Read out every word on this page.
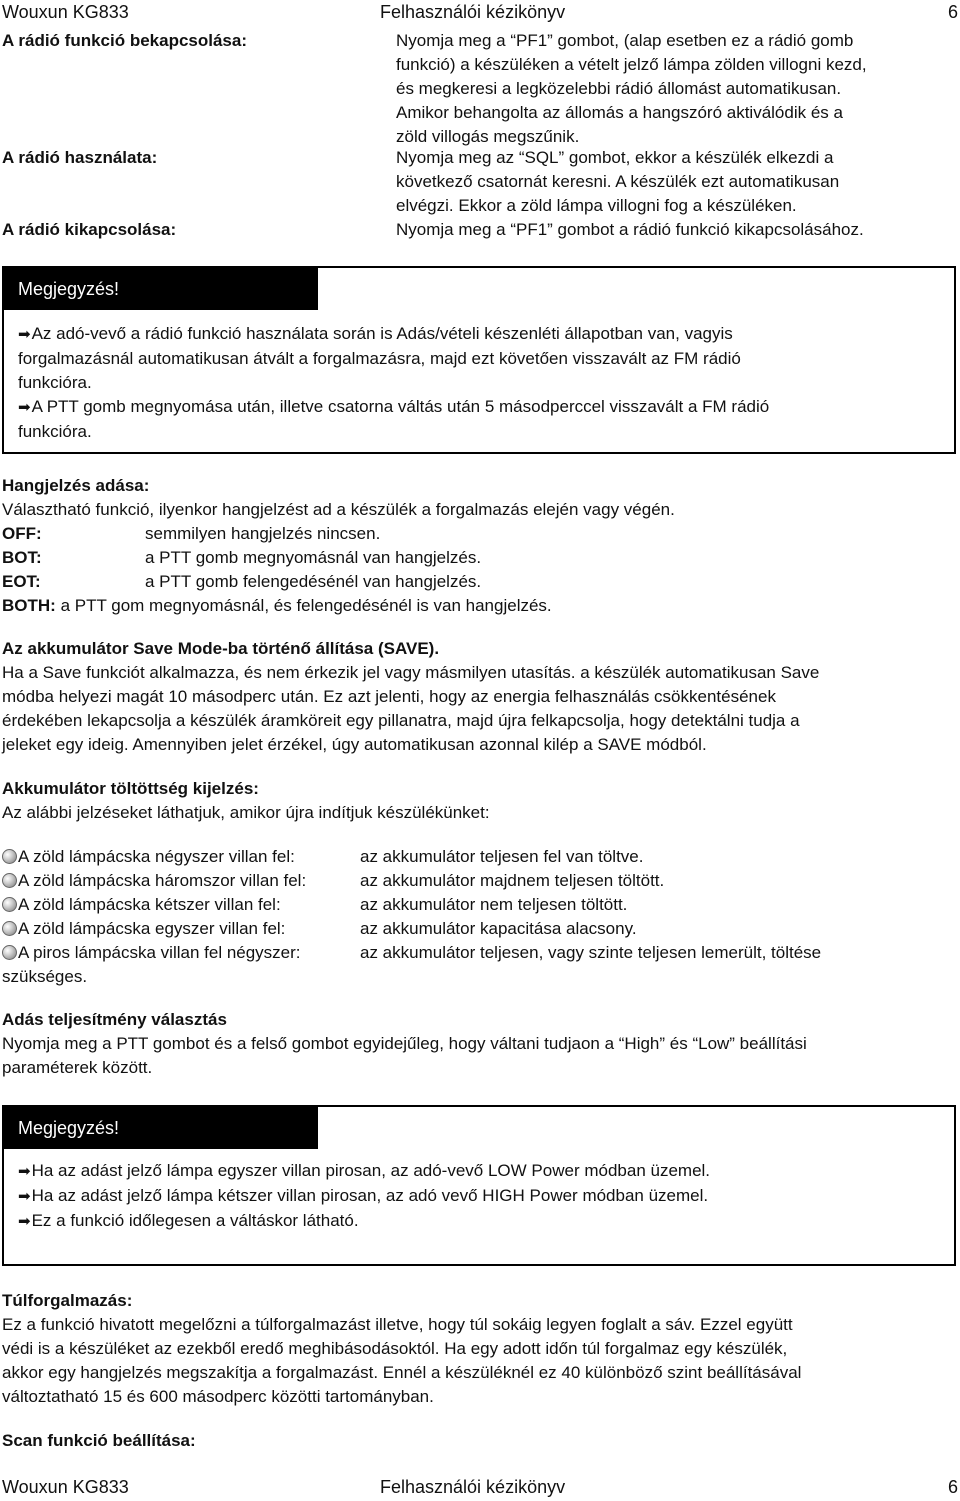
Wouxun KG833	Felhasználói kézikönyv	6
A rádió funkció bekapcsolása:	Nyomja meg a “PF1” gombot, (alap esetben ez a rádió gomb
funkció) a készüléken a vételt jelző lámpa zölden villogni kezd,
és megkeresi a legközelebbi rádió állomást automatikusan.
Amikor behangolta az állomás a hangszóró aktiválódik és a
zöld villogás megszűnik.
A rádió használata:	Nyomja meg az “SQL” gombot, ekkor a készülék elkezdi a
következő csatornát keresni. A készülék ezt automatikusan
elvégzi. Ekkor a zöld lámpa villogni fog a készüléken.
A rádió kikapcsolása:	Nyomja meg a “PF1” gombot a rádió funkció kikapcsolásához.
Megjegyzés!
➡Az adó-vevő a rádió funkció használata során is Adás/vételi készenléti állapotban van, vagyis
forgalmazásnál automatikusan átvált a forgalmazásra, majd ezt követően visszavált az FM rádió
funkcióra.
➡A PTT gomb megnyomása után, illetve csatorna váltás után 5 másodperccel visszavált a FM rádió
funkcióra.
Hangjelzés adása:
Választható funkció, ilyenkor hangjelzést ad a készülék a forgalmazás elején vagy végén.
OFF:	semmilyen hangjelzés nincsen.
BOT:	a PTT gomb megnyomásnál van hangjelzés.
EOT:	a PTT gomb felengedésénél van hangjelzés.
BOTH: a PTT gom megnyomásnál, és felengedésénél is van hangjelzés.
Az akkumulátor Save Mode-ba történő állítása (SAVE).
Ha a Save funkciót alkalmazza, és nem érkezik jel vagy másmilyen utasítás. a készülék automatikusan Save
módba helyezi magát 10 másodperc után. Ez azt jelenti, hogy az energia felhasználás csökkentésének
érdekében lekapcsolja a készülék áramköreit egy pillanatra, majd újra felkapcsolja, hogy detektálni tudja a
jeleket egy ideig. Amennyiben jelet érzékel, úgy automatikusan azonnal kilép a SAVE módból.
Akkumulátor töltöttség kijelzés:
Az alábbi jelzéseket láthatjuk, amikor újra indítjuk készülékünket:
A zöld lámpácska négyszer villan fel:	az akkumulátor teljesen fel van töltve.
A zöld lámpácska háromszor villan fel:	az akkumulátor majdnem teljesen töltött.
A zöld lámpácska kétszer villan fel:	az akkumulátor nem teljesen töltött.
A zöld lámpácska egyszer villan fel:	az akkumulátor kapacitása alacsony.
A piros lámpácska villan fel négyszer:	az akkumulátor teljesen, vagy szinte teljesen lemerült, töltése
szükséges.
Adás teljesítmény választás
Nyomja meg a PTT gombot és a felső gombot egyidejűleg, hogy váltani tudjaon a “High” és “Low” beállítási
paraméterek között.
Megjegyzés!
➡Ha az adást jelző lámpa egyszer villan pirosan, az adó-vevő LOW Power módban üzemel.
➡Ha az adást jelző lámpa kétszer villan pirosan, az adó vevő HIGH Power módban üzemel.
➡Ez a funkció időlegesen a váltáskor látható.
Túlforgalmazás:
Ez a funkció hivatott megelőzni a túlforgalmazást illetve, hogy túl sokáig legyen foglalt a sáv. Ezzel együtt
védi is a készüléket az ezekből eredő meghibásodásoktól. Ha egy adott időn túl forgalmaz egy készülék,
akkor egy hangjelzés megszakítja a forgalmazást. Ennél a készüléknél ez 40 különböző szint beállításával
változtatható 15 és 600 másodperc közötti tartományban.
Scan funkció beállítása:
Wouxun KG833	Felhasználói kézikönyv	6
